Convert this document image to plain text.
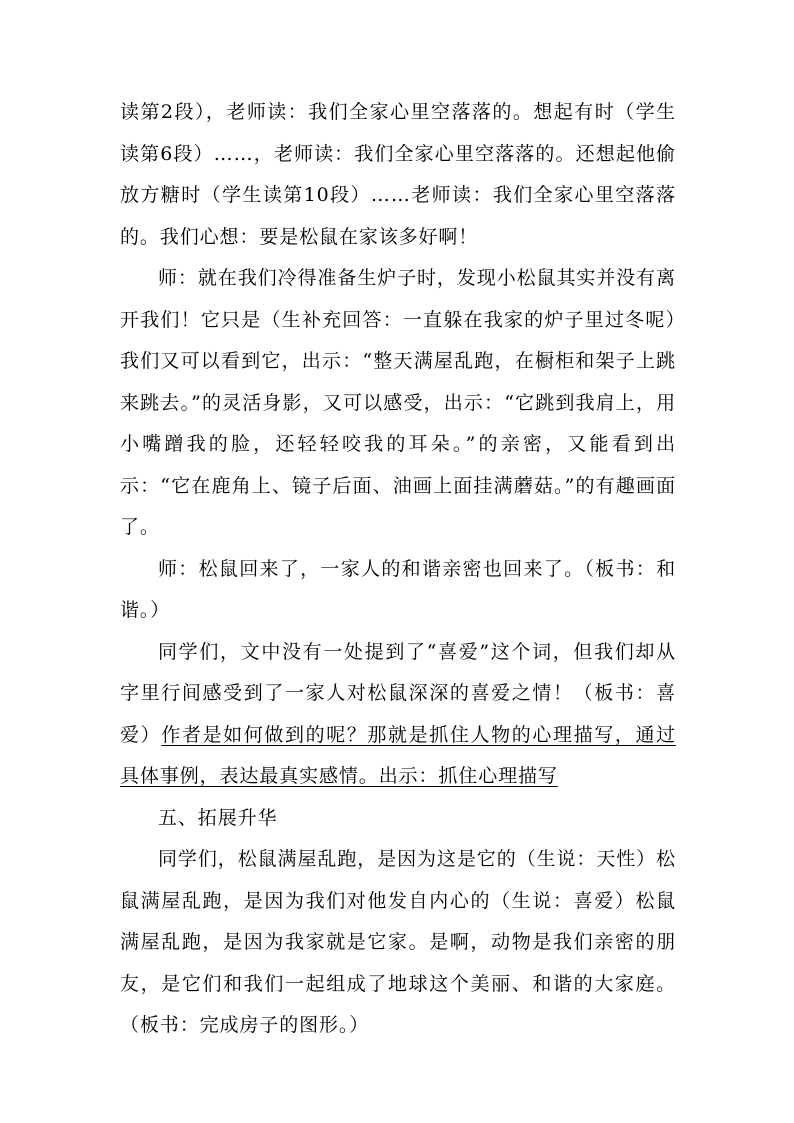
读第2段），老师读：我们全家心里空落落的。想起有时（学生读第6段）……，老师读：我们全家心里空落落的。还想起他偷放方糖时（学生读第10段）……老师读：我们全家心里空落落的。我们心想：要是松鼠在家该多好啊！

师：就在我们冷得准备生炉子时，发现小松鼠其实并没有离开我们！它只是（生补充回答：一直躲在我家的炉子里过冬呢）我们又可以看到它，出示：“整天满屋乱跑，在橱柜和架子上跳来跳去。”的灵活身影，又可以感受，出示：“它跳到我肩上，用小嘴蹭我的脸，还轻轻咬我的耳朵。”的亲密，又能看到出示：“它在鹿角上、镜子后面、油画上面挂满蘑菇。”的有趣画面了。

师：松鼠回来了，一家人的和谐亲密也回来了。（板书：和谐。）

同学们，文中没有一处提到了“喜爱”这个词，但我们却从字里行间感受到了一家人对松鼠深深的喜爱之情！（板书：喜爱）作者是如何做到的呢？那就是抓住人物的心理描写，通过具体事例，表达最真实感情。出示：抓住心理描写

五、拓展升华

同学们，松鼠满屋乱跑，是因为这是它的（生说：天性）松鼠满屋乱跑，是因为我们对他发自内心的（生说：喜爱）松鼠满屋乱跑，是因为我家就是它家。是啊，动物是我们亲密的朋友，是它们和我们一起组成了地球这个美丽、和谐的大家庭。（板书：完成房子的图形。）
